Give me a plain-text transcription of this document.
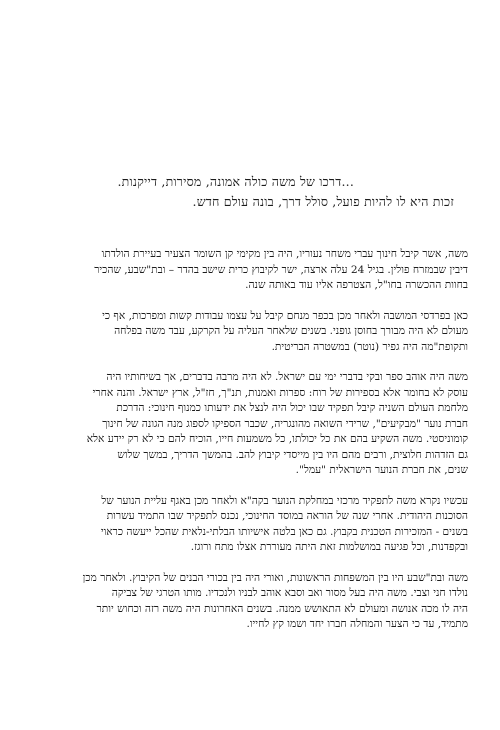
...דרכו של משה כולה אמונה, מסירות, דייקנות.
זכות היא לו להיות פועל, סולל דרך, בונה עולם חדש.
משה, אשר קיבל חינוך עברי משחר נעוריו, היה בין מקימי קן השומר הצעיר בעיירת הולדתו
דיבין שבמזרח פולין. בגיל 24 עלה ארצה, ישר לקיבוץ כרית שישב בהדר – ובת"שבע, שהכיר
בחוות ההכשרה בחו"ל, הצטרפה אליו עוד באותה שנה.
כאן בפרדסי המושבה ולאחר מכן בכפר מנחם קיבל על עצמו עבודות קשות ומפרכות, אף כי
מעולם לא היה מבורך בחוסן גופני. בשנים שלאחר העליה על הקרקע, עבד משה בפלחה
ותקופת"מה היה גפיר (נוטר) במשטרה הבריטית.
משה היה אוהב ספר ובקי בדברי ימי עם ישראל. לא היה מרבה בדברים, אך בשיחותיו היה
עוסק לא בחומר אלא בספירות של רוח: ספרות ואמנות, תנ"ך, חז"ל, ארץ ישראל. והנה אחרי
מלחמת העולם השניה קיבל תפקיד שבו יכול היה לנצל את ידעותו כמנוף חינוכי: הדרכת
חברת נוער "מבקיעים", שרידי השואה מהונגריה, שכבר הספיקו לספוג מנה הגונה של חינוך
קומוניסטי. משה השקיע בהם את כל יכולתו, כל משמעות חייו, הוכיח להם כי לא רק יידע אלא
גם הזדהות חלוצית, ורבים מהם היו בין מייסדי קיבוץ להב. בהמשך הדריך, במשך שלוש
שנים, את חברת הנוער הישראלית "עמל".
עכשיו נקרא משה לתפקיד מרכזי במחלקת הנוער בקה"א ולאחר מכן באגף עליית הנוער של
הסוכנות היהודית. אחרי שנה של הוראה במוסד החינוכי, נכנס לתפקיד שבו התמיד עשרות
בשנים - המזכירות הטכנית בקבוץ. גם כאן בלטה אישיותו הבלתי-נלאית שהכל ייעשה כראוי
ובקפדנות, וכל פגיעה במושלמות זאת היתה מעוררת אצלו מתח ורוגז.
משה ובת"שבע היו בין המשפחות הראשונות, ואורי היה בין בכורי הבנים של הקיבוץ. ולאחר מכן
נולדו חני וצבי. משה היה בעל מסור ואב וסבא אוהב לבניו ולנכדיו. מותו הטרגי של צביקה
היה לו מכה אנושה ומעולם לא התאושש ממנה. בשנים האחרונות היה משה רזה וכחוש יותר
מתמיד, עד כי הצער והמחלה חברו יחד ושמו קץ לחייו.
